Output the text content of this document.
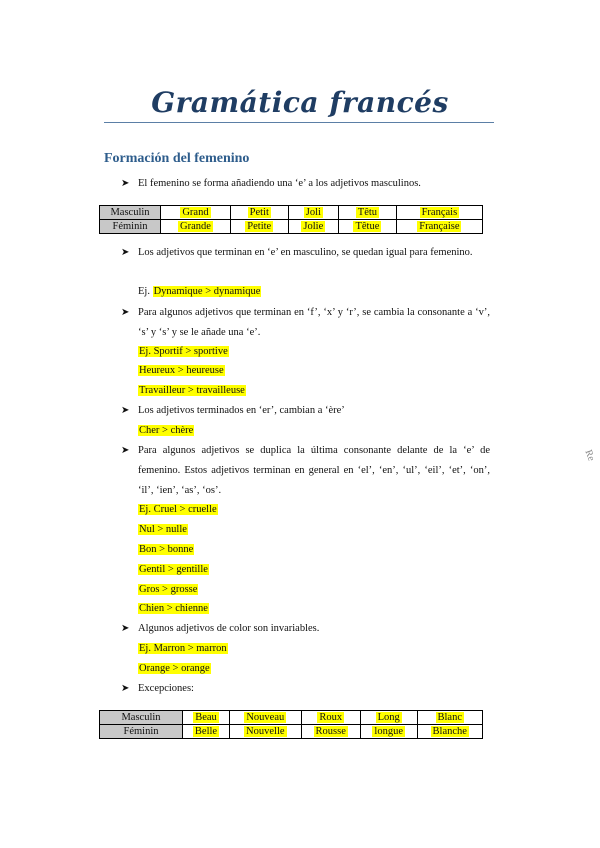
Gramática francés
Formación del femenino
➤ El femenino se forma añadiendo una ‘e’ a los adjetivos masculinos.
Masculin	Grand	Petit	Joli	Têtu	Français
Féminin	Grande	Petite	Jolie	Têtue	Française
➤ Los adjetivos que terminan en ‘e’ en masculino, se quedan igual para femenino.
Ej. Dynamique > dynamique
➤ Para algunos adjetivos que terminan en ‘f’, ‘x’ y ‘r’, se cambia la consonante a ‘v’, ‘s’ y ‘s’ y se le añade una ‘e’.
Ej. Sportif > sportive
Heureux > heureuse
Travailleur > travailleuse
➤ Los adjetivos terminados en ‘er’, cambian a ‘ère’
Cher > chère
➤ Para algunos adjetivos se duplica la última consonante delante de la ‘e’ de femenino. Estos adjetivos terminan en general en ‘el’, ‘en’, ‘ul’, ‘eil’, ‘et’, ‘on’, ‘il’, ‘ien’, ‘as’, ‘os’.
Ej. Cruel > cruelle
Nul > nulle
Bon > bonne
Gentil > gentille
Gros > grosse
Chien > chienne
➤ Algunos adjetivos de color son invariables.
Ej. Marron > marron
Orange > orange
➤ Excepciones:
Masculin	Beau	Nouveau	Roux	Long	Blanc
Féminin	Belle	Nouvelle	Rousse	longue	Blanche
Re
